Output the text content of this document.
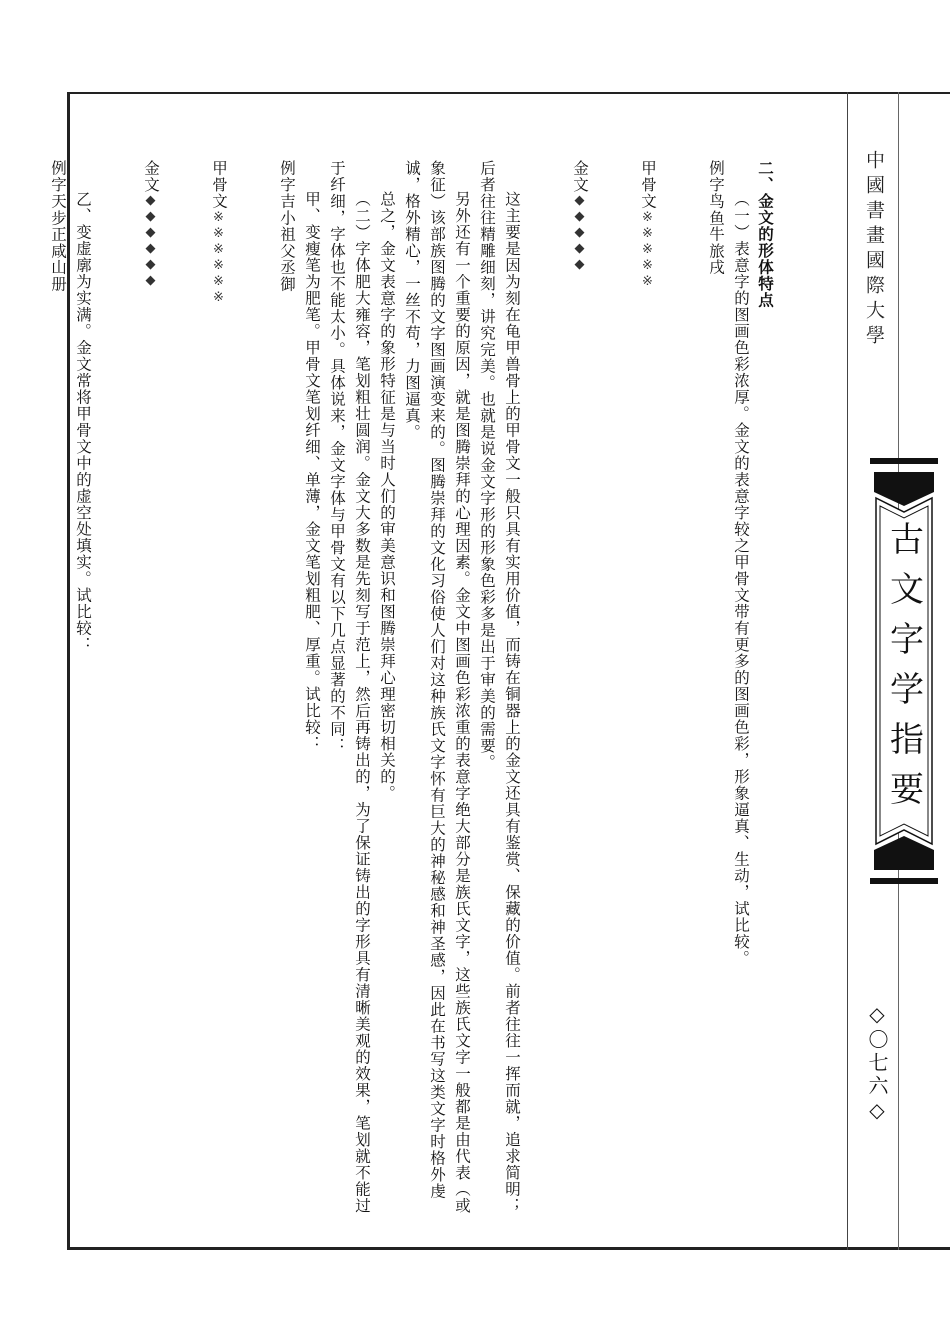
中國書畫國際大學
古文字学指要
◇〇七六◇

二、金文的形体特点

（一）表意字的图画色彩浓厚。金文的表意字较之甲骨文带有更多的图画色彩，形象逼真、生动，试比较。

例字
鸟
鱼
牛
旅
戌
甲骨文
※
※
※
※
※
金文
◆
◆
◆
◆
◆

这主要是因为刻在龟甲兽骨上的甲骨文一般只具有实用价值，而铸在铜器上的金文还具有鉴赏、保藏的价值。前者往往一挥而就，追求简明；后者往往精雕细刻，讲究完美。也就是说金文字形的形象色彩多是出于审美的需要。

另外还有一个重要的原因，就是图腾崇拜的心理因素。金文中图画色彩浓重的表意字绝大部分是族氏文字，这些族氏文字一般都是由代表（或象征）该部族图腾的文字图画演变来的。图腾崇拜的文化习俗使人们对这种族氏文字怀有巨大的神秘感和神圣感，因此在书写这类文字时格外虔诚，格外精心，一丝不苟，力图逼真。

总之，金文表意字的象形特征是与当时人们的审美意识和图腾崇拜心理密切相关的。

（二）字体肥大雍容，笔划粗壮圆润。金文大多数是先刻写于范上，然后再铸出的，为了保证铸出的字形具有清晰美观的效果，笔划就不能过于纤细，字体也不能太小。具体说来，金文字体与甲骨文有以下几点显著的不同：

甲、变瘦笔为肥笔。甲骨文笔划纤细、单薄，金文笔划粗肥、厚重。试比较：

例字
吉
小
祖
父
丞
御
甲骨文
※
※
※
※
※
※
金文
◆
◆
◆
◆
◆
◆

乙、变虚廓为实满。金文常将甲骨文中的虚空处填实。试比较：

例字
天
步
正
咸
山
册
